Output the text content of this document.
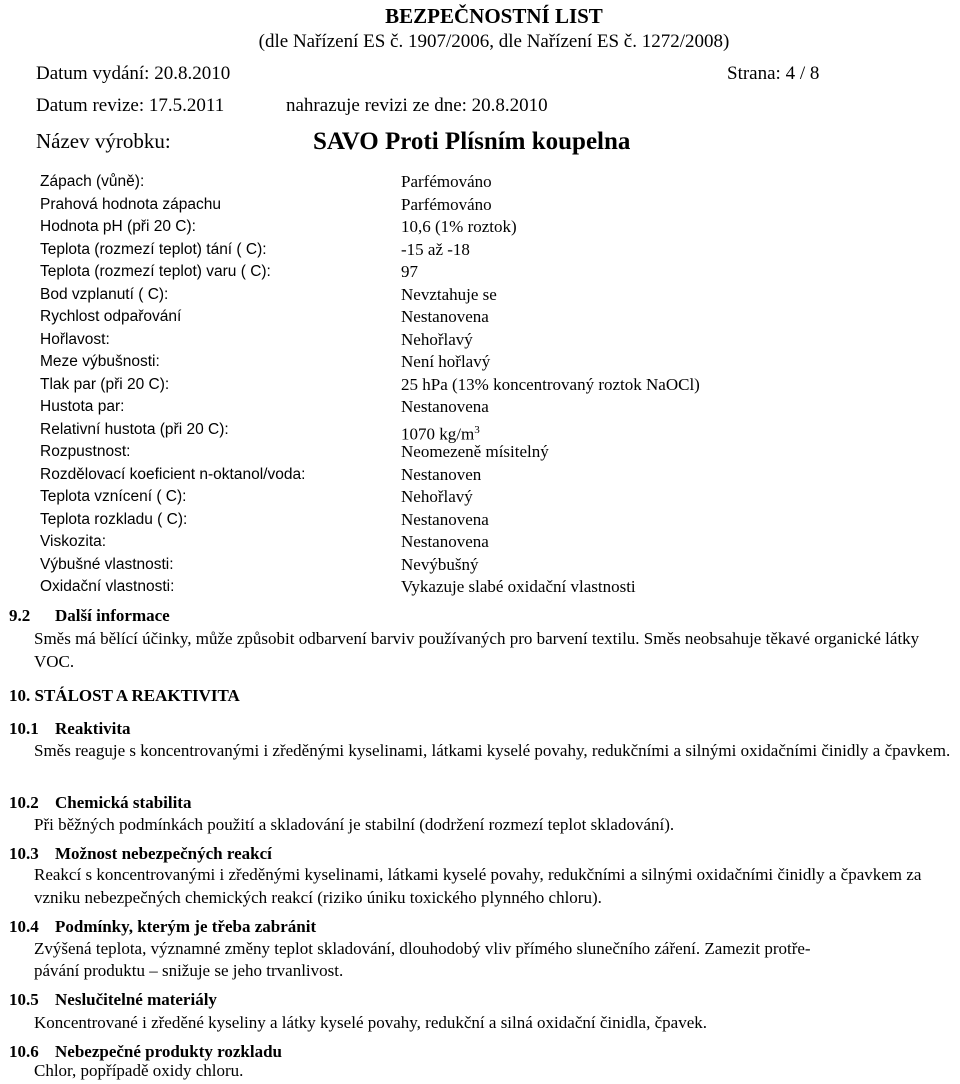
BEZPEČNOSTNÍ LIST
(dle Nařízení ES č. 1907/2006, dle Nařízení ES č. 1272/2008)
Datum vydání: 20.8.2010	Strana: 4 / 8
Datum revize: 17.5.2011	nahrazuje revizi ze dne: 20.8.2010
Název výrobku:	SAVO Proti Plísním koupelna
Zápach (vůně):	Parfémováno
Prahová hodnota zápachu	Parfémováno
Hodnota pH (při 20 C):	10,6 (1% roztok)
Teplota (rozmezí teplot) tání ( C):	-15 až -18
Teplota (rozmezí teplot) varu ( C):	97
Bod vzplanutí ( C):	Nevztahuje se
Rychlost odpařování	Nestanovena
Hořlavost:	Nehořlavý
Meze výbušnosti:	Není hořlavý
Tlak par (při 20 C):	25 hPa (13% koncentrovaný roztok NaOCl)
Hustota par:	Nestanovena
Relativní hustota (při 20 C):	1070 $kg/m^3$
Rozpustnost:	Neomezeně mísitelný
Rozdělovací koeficient n-oktanol/voda:	Nestanoven
Teplota vznícení ( C):	Nehořlavý
Teplota rozkladu ( C):	Nestanovena
Viskozita:	Nestanovena
Výbušné vlastnosti:	Nevýbušný
Oxidační vlastnosti:	Vykazuje slabé oxidační vlastnosti
9.2 Další informace
Směs má bělící účinky, může způsobit odbarvení barviv používaných pro barvení textilu. Směs neobsahuje těkavé organické látky VOC.
10. STÁLOST A REAKTIVITA
10.1 Reaktivita
Směs reaguje s koncentrovanými i zředěnými kyselinami, látkami kyselé povahy, redukčními a silnými oxidačními činidly a čpavkem.
10.2 Chemická stabilita
Při běžných podmínkách použití a skladování je stabilní (dodržení rozmezí teplot skladování).
10.3 Možnost nebezpečných reakcí
Reakcí s koncentrovanými i zředěnými kyselinami, látkami kyselé povahy, redukčními a silnými oxidačními činidly a čpavkem za vzniku nebezpečných chemických reakcí (riziko úniku toxického plynného chloru).
10.4 Podmínky, kterým je třeba zabránit
Zvýšená teplota, významné změny teplot skladování, dlouhodobý vliv přímého slunečního záření. Zamezit protře-
pávání produktu – snižuje se jeho trvanlivost.
10.5 Neslučitelné materiály
Koncentrované i zředěné kyseliny a látky kyselé povahy, redukční a silná oxidační činidla, čpavek.
10.6 Nebezpečné produkty rozkladu
Chlor, popřípadě oxidy chloru.
